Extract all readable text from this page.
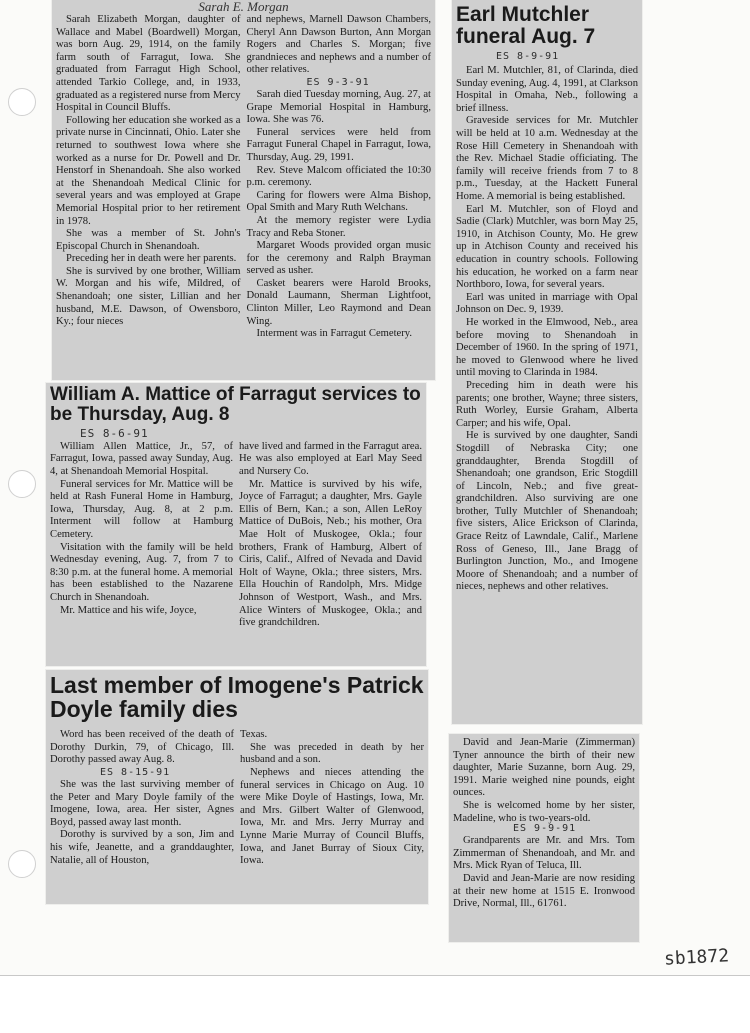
Sarah E. Morgan

Sarah Elizabeth Morgan, daughter of Wallace and Mabel (Boardwell) Morgan, was born Aug. 29, 1914, on the family farm south of Farragut, Iowa. She graduated from Farragut High School, attended Tarkio College, and, in 1933, graduated as a registered nurse from Mercy Hospital in Council Bluffs.

Following her education she worked as a private nurse in Cincinnati, Ohio. Later she returned to southwest Iowa where she worked as a nurse for Dr. Powell and Dr. Henstorf in Shenandoah. She also worked at the Shenandoah Medical Clinic for several years and was employed at Grape Memorial Hospital prior to her retirement in 1978.

She was a member of St. John's Episcopal Church in Shenandoah.

Preceding her in death were her parents.

She is survived by one brother, William W. Morgan and his wife, Mildred, of Shenandoah; one sister, Lillian and her husband, M.E. Dawson, of Owensboro, Ky.; four nieces

and nephews, Marnell Dawson Chambers, Cheryl Ann Dawson Burton, Ann Morgan Rogers and Charles S. Morgan; five grandnieces and nephews and a number of other relatives.

ES 9-3-91

Sarah died Tuesday morning, Aug. 27, at Grape Memorial Hospital in Hamburg, Iowa. She was 76.

Funeral services were held from Farragut Funeral Chapel in Farragut, Iowa, Thursday, Aug. 29, 1991.

Rev. Steve Malcom officiated the 10:30 p.m. ceremony.

Caring for flowers were Alma Bishop, Opal Smith and Mary Ruth Welchans.

At the memory register were Lydia Tracy and Reba Stoner.

Margaret Woods provided organ music for the ceremony and Ralph Brayman served as usher.

Casket bearers were Harold Brooks, Donald Laumann, Sherman Lightfoot, Clinton Miller, Leo Raymond and Dean Wing.

Interment was in Farragut Cemetery.

William A. Mattice of Farragut services to be Thursday, Aug. 8
ES 8-6-91

William Allen Mattice, Jr., 57, of Farragut, Iowa, passed away Sunday, Aug. 4, at Shenandoah Memorial Hospital.

Funeral services for Mr. Mattice will be held at Rash Funeral Home in Hamburg, Iowa, Thursday, Aug. 8, at 2 p.m. Interment will follow at Hamburg Cemetery.

Visitation with the family will be held Wednesday evening, Aug. 7, from 7 to 8:30 p.m. at the funeral home. A memorial has been established to the Nazarene Church in Shenandoah.

Mr. Mattice and his wife, Joyce,

have lived and farmed in the Farragut area. He was also employed at Earl May Seed and Nursery Co.

Mr. Mattice is survived by his wife, Joyce of Farragut; a daughter, Mrs. Gayle Ellis of Bern, Kan.; a son, Allen LeRoy Mattice of DuBois, Neb.; his mother, Ora Mae Holt of Muskogee, Okla.; four brothers, Frank of Hamburg, Albert of Ciris, Calif., Alfred of Nevada and David Holt of Wayne, Okla.; three sisters, Mrs. Ella Houchin of Randolph, Mrs. Midge Johnson of Westport, Wash., and Mrs. Alice Winters of Muskogee, Okla.; and five grandchildren.

Last member of Imogene's Patrick Doyle family dies

Word has been received of the death of Dorothy Durkin, 79, of Chicago, Ill. Dorothy passed away Aug. 8.

ES 8-15-91

She was the last surviving member of the Peter and Mary Doyle family of the Imogene, Iowa, area. Her sister, Agnes Boyd, passed away last month.

Dorothy is survived by a son, Jim and his wife, Jeanette, and a granddaughter, Natalie, all of Houston,

Texas.

She was preceded in death by her husband and a son.

Nephews and nieces attending the funeral services in Chicago on Aug. 10 were Mike Doyle of Hastings, Iowa, Mr. and Mrs. Gilbert Walter of Glenwood, Iowa, Mr. and Mrs. Jerry Murray and Lynne Marie Murray of Council Bluffs, Iowa, and Janet Burray of Sioux City, Iowa.

Earl Mutchler funeral Aug. 7
ES 8-9-91

Earl M. Mutchler, 81, of Clarinda, died Sunday evening, Aug. 4, 1991, at Clarkson Hospital in Omaha, Neb., following a brief illness.

Graveside services for Mr. Mutchler will be held at 10 a.m. Wednesday at the Rose Hill Cemetery in Shenandoah with the Rev. Michael Stadie officiating. The family will receive friends from 7 to 8 p.m., Tuesday, at the Hackett Funeral Home. A memorial is being established.

Earl M. Mutchler, son of Floyd and Sadie (Clark) Mutchler, was born May 25, 1910, in Atchison County, Mo. He grew up in Atchison County and received his education in country schools. Following his education, he worked on a farm near Northboro, Iowa, for several years.

Earl was united in marriage with Opal Johnson on Dec. 9, 1939.

He worked in the Elmwood, Neb., area before moving to Shenandoah in December of 1960. In the spring of 1971, he moved to Glenwood where he lived until moving to Clarinda in 1984.

Preceding him in death were his parents; one brother, Wayne; three sisters, Ruth Worley, Eursie Graham, Alberta Carper; and his wife, Opal.

He is survived by one daughter, Sandi Stogdill of Nebraska City; one granddaughter, Brenda Stogdill of Shenandoah; one grandson, Eric Stogdill of Lincoln, Neb.; and five great-grandchildren. Also surviving are one brother, Tully Mutchler of Shenandoah; five sisters, Alice Erickson of Clarinda, Grace Reitz of Lawndale, Calif., Marlene Ross of Geneso, Ill., Jane Bragg of Burlington Junction, Mo., and Imogene Moore of Shenandoah; and a number of nieces, nephews and other relatives.

David and Jean-Marie (Zimmerman) Tyner announce the birth of their new daughter, Marie Suzanne, born Aug. 29, 1991. Marie weighed nine pounds, eight ounces.

She is welcomed home by her sister, Madeline, who is two-years-old.

ES 9-9-91

Grandparents are Mr. and Mrs. Tom Zimmerman of Shenandoah, and Mr. and Mrs. Mick Ryan of Teluca, Ill.

David and Jean-Marie are now residing at their new home at 1515 E. Ironwood Drive, Normal, Ill., 61761.

sb1872
